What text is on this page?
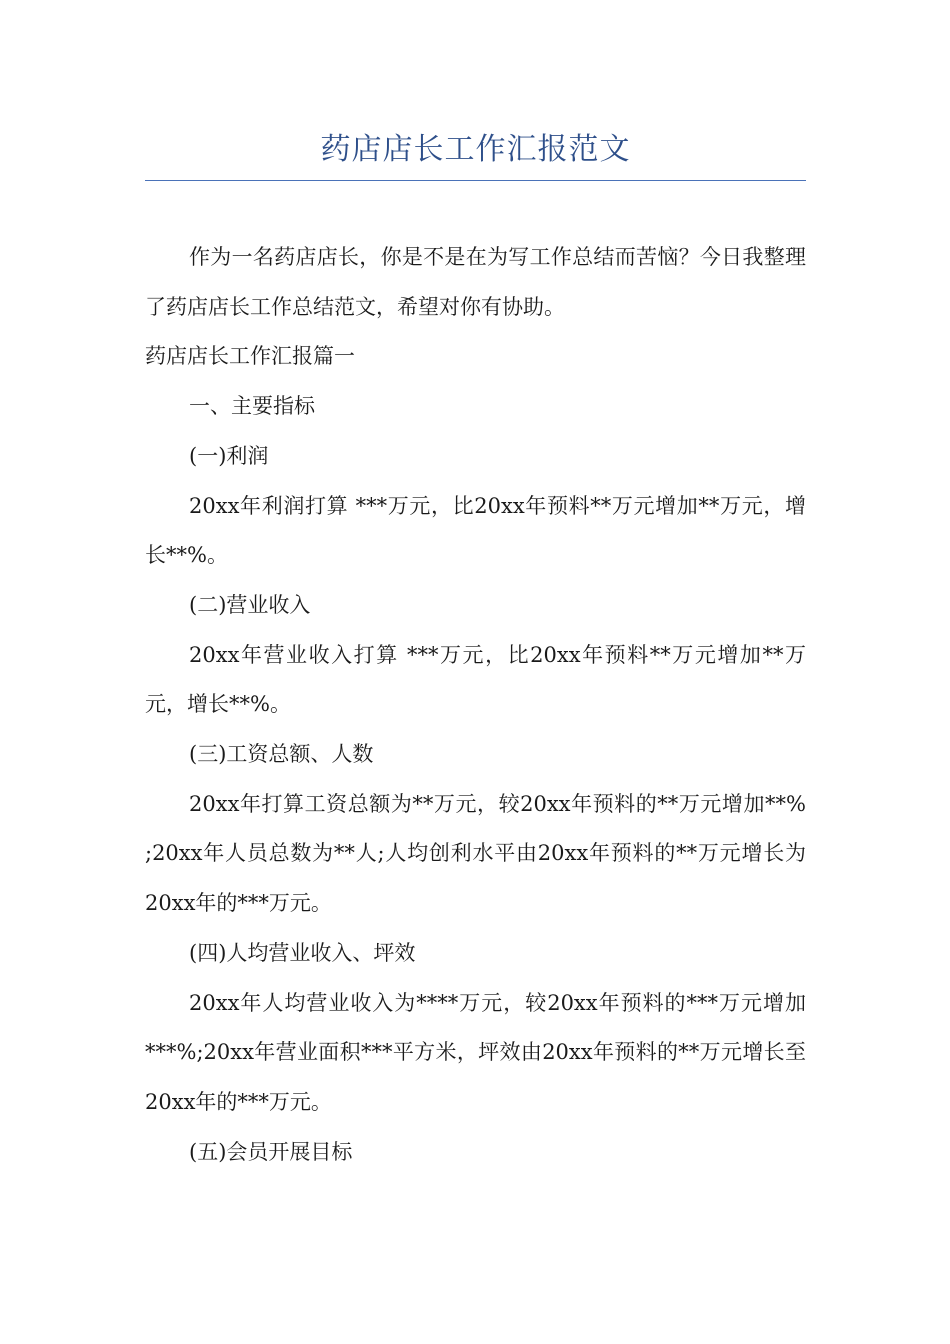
药店店长工作汇报范文

作为一名药店店长，你是不是在为写工作总结而苦恼？今日我整理了药店店长工作总结范文，希望对你有协助。

药店店长工作汇报篇一

一、主要指标

(一)利润

20xx年利润打算 ***万元，比20xx年预料**万元增加**万元，增长**%。

(二)营业收入

20xx年营业收入打算 ***万元，比20xx年预料**万元增加**万元，增长**%。

(三)工资总额、人数

20xx年打算工资总额为**万元，较20xx年预料的**万元增加**% ;20xx年人员总数为**人;人均创利水平由20xx年预料的**万元增长为20xx年的***万元。

(四)人均营业收入、坪效

20xx年人均营业收入为****万元，较20xx年预料的***万元增加***%;20xx年营业面积***平方米，坪效由20xx年预料的**万元增长至20xx年的***万元。

(五)会员开展目标
